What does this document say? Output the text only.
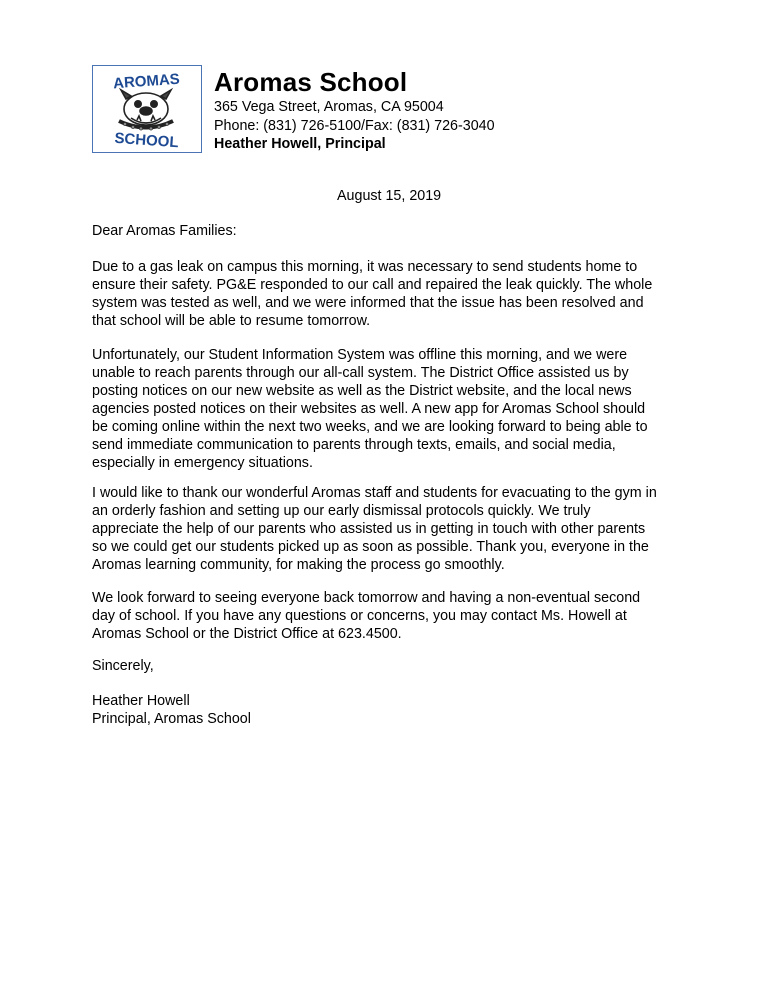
AROMAS
SCHOOL
Aromas School
365 Vega Street, Aromas, CA 95004
Phone: (831) 726-5100/Fax: (831) 726-3040
Heather Howell, Principal
August 15, 2019
Dear Aromas Families:
Due to a gas leak on campus this morning, it was necessary to send students home to
ensure their safety. PG&E responded to our call and repaired the leak quickly. The whole
system was tested as well, and we were informed that the issue has been resolved and
that school will be able to resume tomorrow.
Unfortunately, our Student Information System was offline this morning, and we were
unable to reach parents through our all-call system. The District Office assisted us by
posting notices on our new website as well as the District website, and the local news
agencies posted notices on their websites as well. A new app for Aromas School should
be coming online within the next two weeks, and we are looking forward to being able to
send immediate communication to parents through texts, emails, and social media,
especially in emergency situations.
I would like to thank our wonderful Aromas staff and students for evacuating to the gym in
an orderly fashion and setting up our early dismissal protocols quickly. We truly
appreciate the help of our parents who assisted us in getting in touch with other parents
so we could get our students picked up as soon as possible. Thank you, everyone in the
Aromas learning community, for making the process go smoothly.
We look forward to seeing everyone back tomorrow and having a non-eventual second
day of school. If you have any questions or concerns, you may contact Ms. Howell at
Aromas School or the District Office at 623.4500.
Sincerely,
Heather Howell
Principal, Aromas School
